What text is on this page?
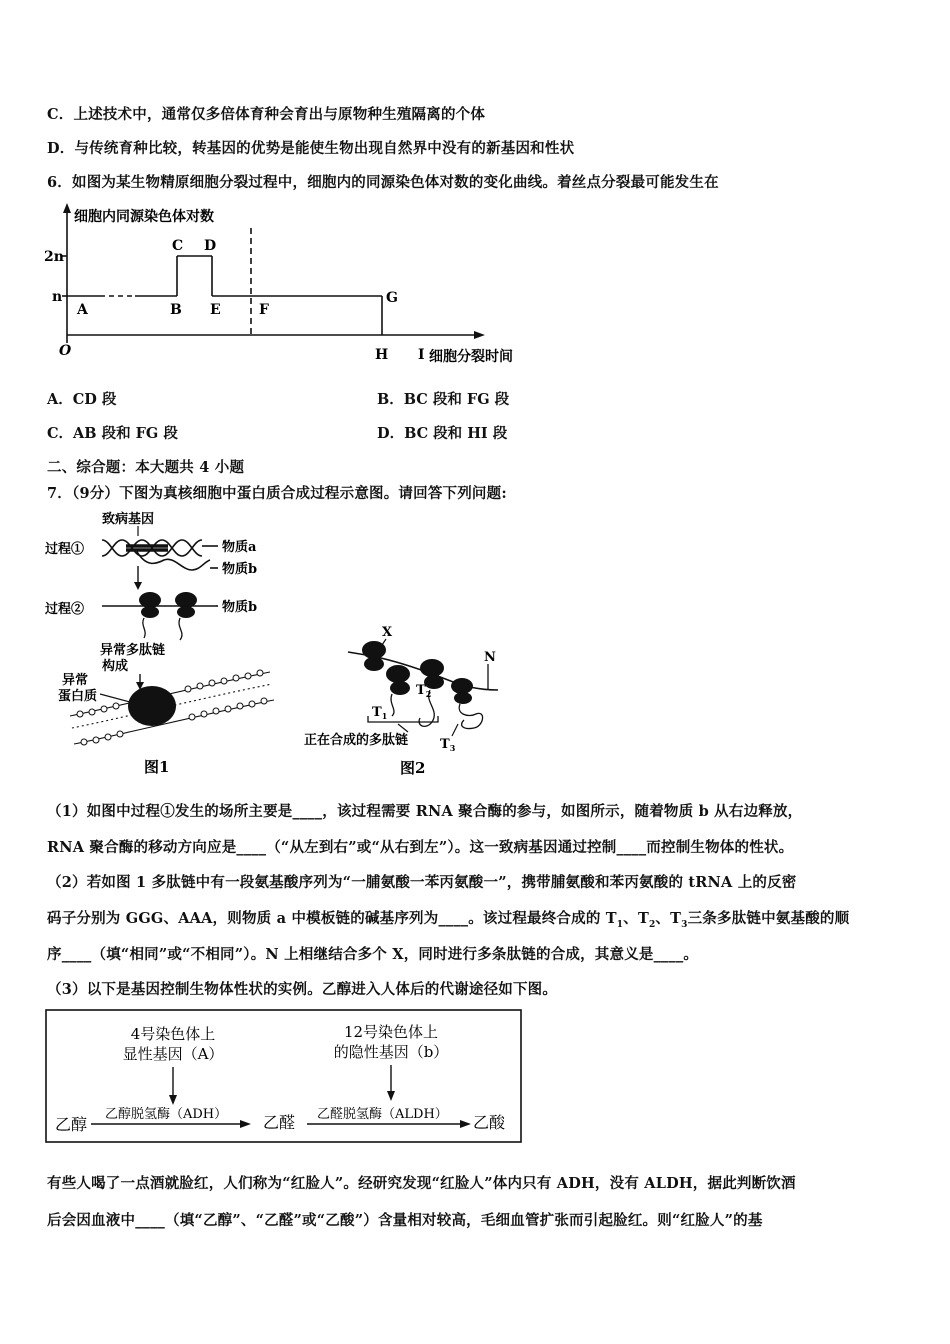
C．上述技术中，通常仅多倍体育种会育出与原物种生殖隔离的个体
D．与传统育种比较，转基因的优势是能使生物出现自然界中没有的新基因和性状
6．如图为某生物精原细胞分裂过程中，细胞内的同源染色体对数的变化曲线。着丝点分裂最可能发生在
细胞内同源染色体对数
2n
n
O
A	B
C D
E	F
G
H I 细胞分裂时间
A．CD 段	B．BC 段和 FG 段
C．AB 段和 FG 段	D．BC 段和 HI 段
二、综合题：本大题共 4 小题
7．（9分）下图为真核细胞中蛋白质合成过程示意图。请回答下列问题:
致病基因
过程①	物质a
物质b
过程②	物质b
异常多肽链
构成
异常
蛋白质
图1
X
N
$T_1$
$T_2$
正在合成的多肽链 $T_3$
图2
（1）如图中过程①发生的场所主要是____，该过程需要 RNA 聚合酶的参与，如图所示，随着物质 b 从右边释放，
RNA 聚合酶的移动方向应是____（“从左到右”或“从右到左”）。这一致病基因通过控制____而控制生物体的性状。
（2）若如图 1 多肽链中有一段氨基酸序列为“一脯氨酸一苯丙氨酸一”，携带脯氨酸和苯丙氨酸的 tRNA 上的反密
码子分别为 GGG、AAA，则物质 a 中模板链的碱基序列为____。该过程最终合成的 $T_1$、$T_2$、$T_3$三条多肽链中氨基酸的顺
序____（填“相同”或“不相同”）。N 上相继结合多个 X，同时进行多条肽链的合成，其意义是____。
（3）以下是基因控制生物体性状的实例。乙醇进入人体后的代谢途径如下图。
4号染色体上
显性基因（A）
12号染色体上
的隐性基因（b）
乙醇
乙醇脱氢酶（ADH） 乙醛 乙醛脱氢酶（ALDH） 乙酸
有些人喝了一点酒就脸红，人们称为“红脸人”。经研究发现“红脸人”体内只有 ADH，没有 ALDH，据此判断饮酒
后会因血液中____（填“乙醇”、“乙醛”或“乙酸”）含量相对较高，毛细血管扩张而引起脸红。则“红脸人”的基
